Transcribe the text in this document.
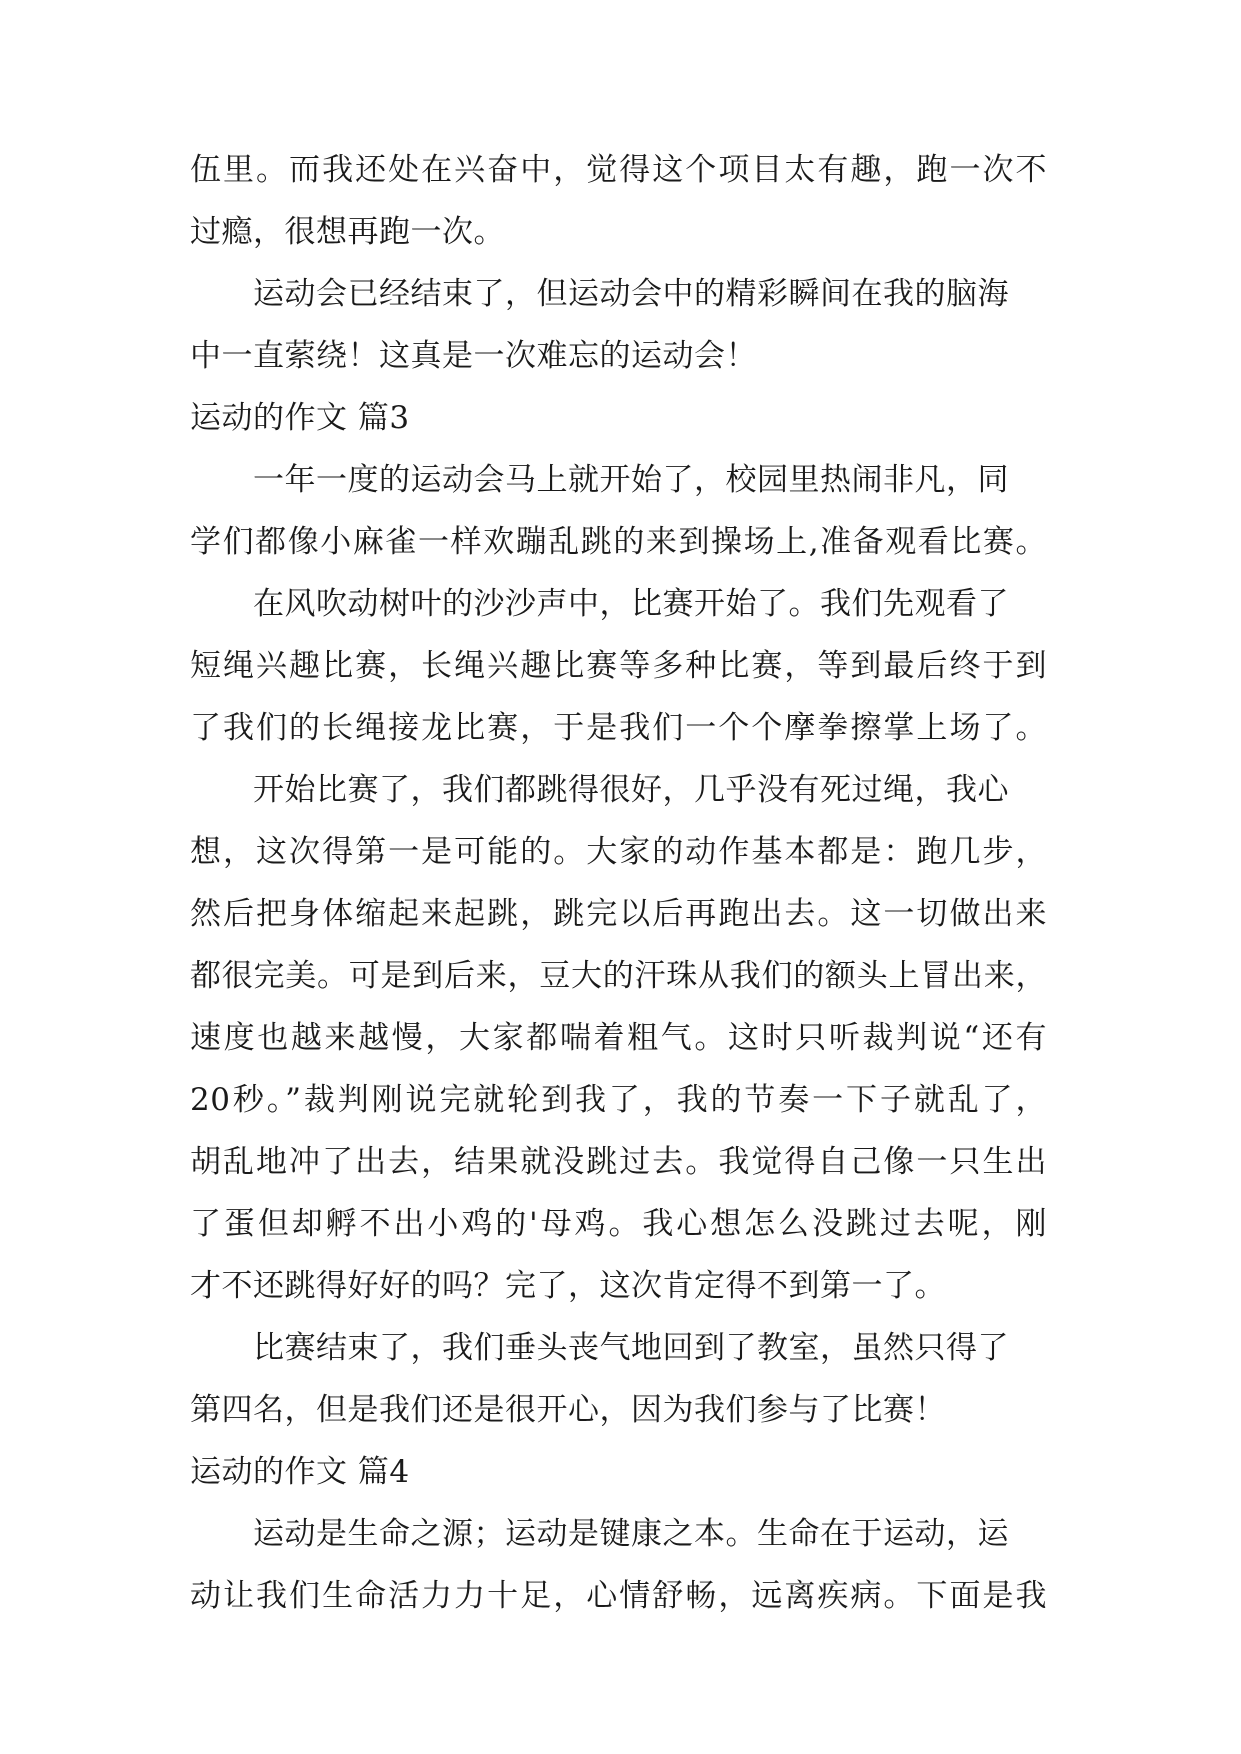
伍里。而我还处在兴奋中，觉得这个项目太有趣，跑一次不
过瘾，很想再跑一次。
运动会已经结束了，但运动会中的精彩瞬间在我的脑海
中一直萦绕！这真是一次难忘的运动会！
运动的作文 篇3
一年一度的运动会马上就开始了，校园里热闹非凡，同
学们都像小麻雀一样欢蹦乱跳的来到操场上,准备观看比赛。
在风吹动树叶的沙沙声中，比赛开始了。我们先观看了
短绳兴趣比赛，长绳兴趣比赛等多种比赛，等到最后终于到
了我们的长绳接龙比赛，于是我们一个个摩拳擦掌上场了。
开始比赛了，我们都跳得很好，几乎没有死过绳，我心
想，这次得第一是可能的。大家的动作基本都是：跑几步，
然后把身体缩起来起跳，跳完以后再跑出去。这一切做出来
都很完美。可是到后来，豆大的汗珠从我们的额头上冒出来，
速度也越来越慢，大家都喘着粗气。这时只听裁判说“还有
20秒。”裁判刚说完就轮到我了，我的节奏一下子就乱了，
胡乱地冲了出去，结果就没跳过去。我觉得自己像一只生出
了蛋但却孵不出小鸡的'母鸡。我心想怎么没跳过去呢，刚
才不还跳得好好的吗？完了，这次肯定得不到第一了。
比赛结束了，我们垂头丧气地回到了教室，虽然只得了
第四名，但是我们还是很开心，因为我们参与了比赛！
运动的作文 篇4
运动是生命之源；运动是键康之本。生命在于运动，运
动让我们生命活力力十足，心情舒畅，远离疾病。下面是我
